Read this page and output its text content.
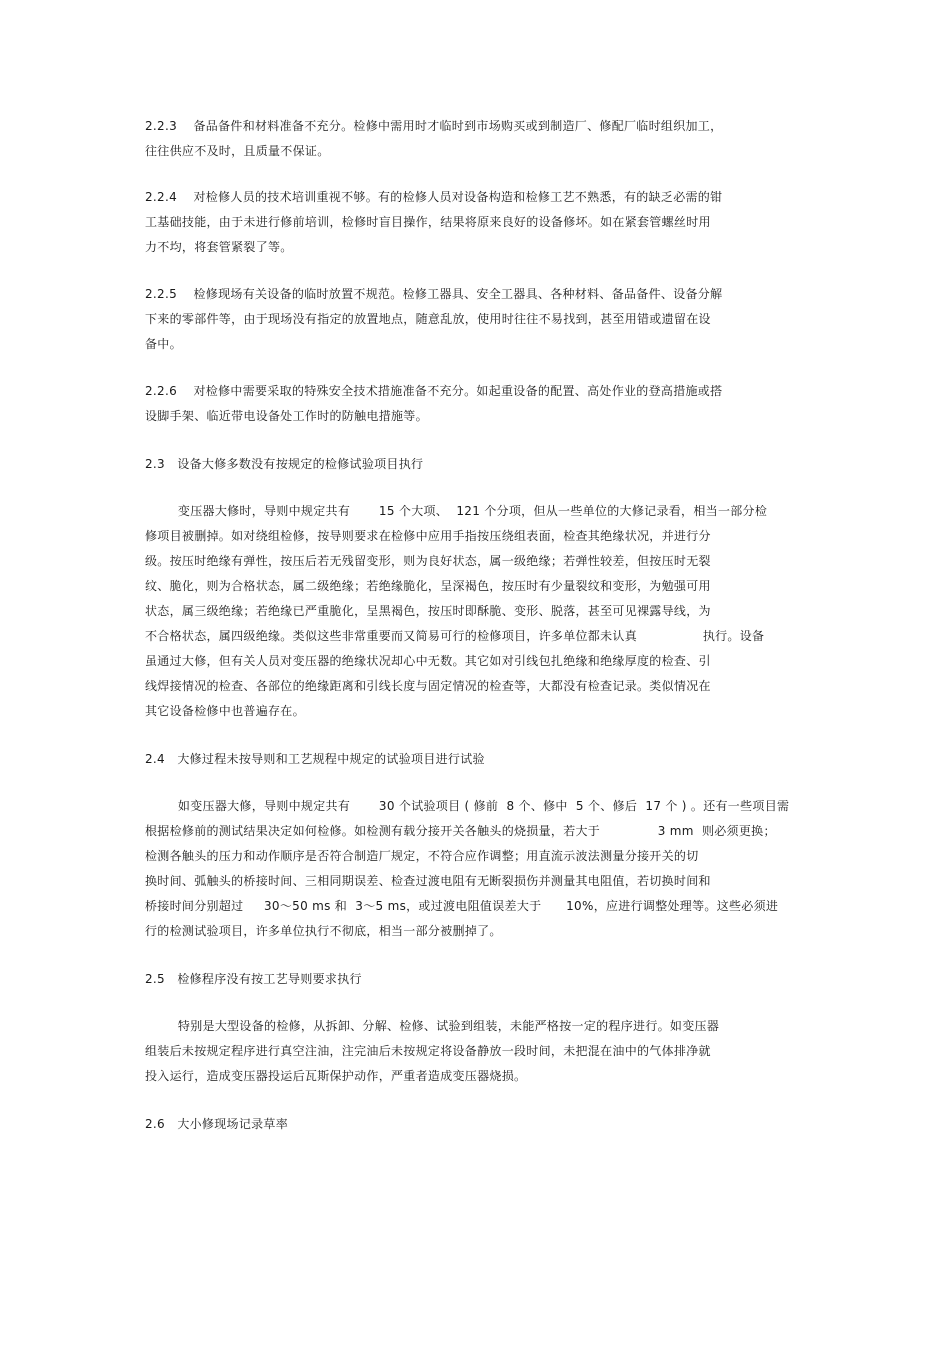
2.2.3    备品备件和材料准备不充分。检修中需用时才临时到市场购买或到制造厂、修配厂临时组织加工，
往往供应不及时，且质量不保证。
2.2.4    对检修人员的技术培训重视不够。有的检修人员对设备构造和检修工艺不熟悉，有的缺乏必需的钳
工基础技能，由于未进行修前培训，检修时盲目操作，结果将原来良好的设备修坏。如在紧套管螺丝时用
力不均，将套管紧裂了等。
2.2.5    检修现场有关设备的临时放置不规范。检修工器具、安全工器具、各种材料、备品备件、设备分解
下来的零部件等，由于现场没有指定的放置地点，随意乱放，使用时往往不易找到，甚至用错或遗留在设
备中。
2.2.6    对检修中需要采取的特殊安全技术措施准备不充分。如起重设备的配置、高处作业的登高措施或搭
设脚手架、临近带电设备处工作时的防触电措施等。
2.3   设备大修多数没有按规定的检修试验项目执行
变压器大修时，导则中规定共有       15 个大项、  121 个分项，但从一些单位的大修记录看，相当一部分检
修项目被删掉。如对绕组检修，按导则要求在检修中应用手指按压绕组表面，检查其绝缘状况，并进行分
级。按压时绝缘有弹性，按压后若无残留变形，则为良好状态，属一级绝缘；若弹性较差，但按压时无裂
纹、脆化，则为合格状态，属二级绝缘；若绝缘脆化，呈深褐色，按压时有少量裂纹和变形，为勉强可用
状态，属三级绝缘；若绝缘已严重脆化，呈黑褐色，按压时即酥脆、变形、脱落，甚至可见裸露导线，为
不合格状态，属四级绝缘。类似这些非常重要而又简易可行的检修项目，许多单位都未认真                执行。设备
虽通过大修，但有关人员对变压器的绝缘状况却心中无数。其它如对引线包扎绝缘和绝缘厚度的检查、引
线焊接情况的检查、各部位的绝缘距离和引线长度与固定情况的检查等，大都没有检查记录。类似情况在
其它设备检修中也普遍存在。
2.4   大修过程未按导则和工艺规程中规定的试验项目进行试验
如变压器大修，导则中规定共有       30 个试验项目 ( 修前  8 个、修中  5 个、修后  17 个 ) 。还有一些项目需
根据检修前的测试结果决定如何检修。如检测有载分接开关各触头的烧损量，若大于              3 mm  则必须更换；
检测各触头的压力和动作顺序是否符合制造厂规定，不符合应作调整；用直流示波法测量分接开关的切
换时间、弧触头的桥接时间、三相同期误差、检查过渡电阻有无断裂损伤并测量其电阻值，若切换时间和
桥接时间分别超过     30～50 ms 和  3～5 ms，或过渡电阻值误差大于      10%，应进行调整处理等。这些必须进
行的检测试验项目，许多单位执行不彻底，相当一部分被删掉了。
2.5   检修程序没有按工艺导则要求执行
特别是大型设备的检修，从拆卸、分解、检修、试验到组装，未能严格按一定的程序进行。如变压器
组装后未按规定程序进行真空注油，注完油后未按规定将设备静放一段时间，未把混在油中的气体排净就
投入运行，造成变压器投运后瓦斯保护动作，严重者造成变压器烧损。
2.6   大小修现场记录草率
